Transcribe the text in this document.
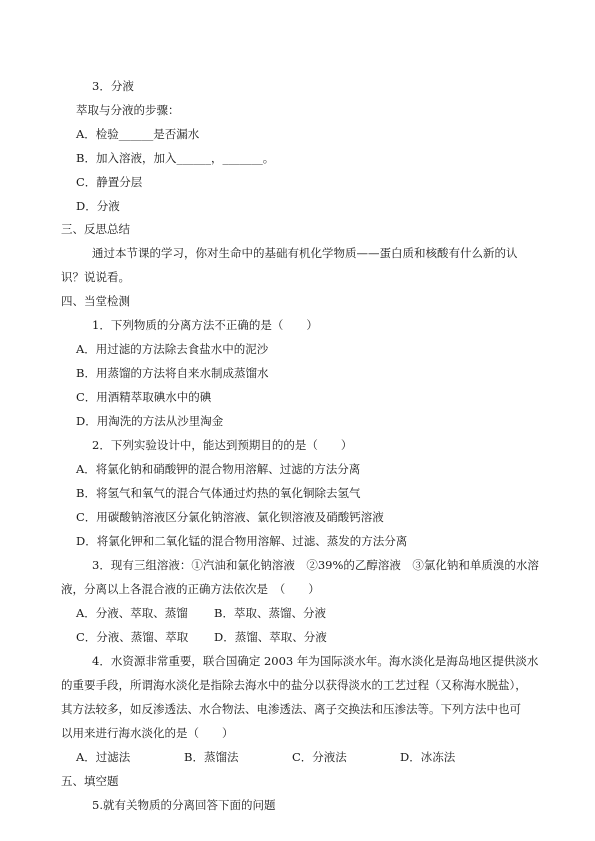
3．分液
萃取与分液的步骤：
A．检验______是否漏水
B．加入溶液，加入______，_______。
C．静置分层
D．分液
三、反思总结
通过本节课的学习，你对生命中的基础有机化学物质——蛋白质和核酸有什么新的认
识？说说看。
四、当堂检测
1．下列物质的分离方法不正确的是（　　）
A．用过滤的方法除去食盐水中的泥沙
B．用蒸馏的方法将自来水制成蒸馏水
C．用酒精萃取碘水中的碘
D．用淘洗的方法从沙里淘金
2．下列实验设计中，能达到预期目的的是（　　）
A．将氯化钠和硝酸钾的混合物用溶解、过滤的方法分离
B．将氢气和氧气的混合气体通过灼热的氧化铜除去氢气
C．用碳酸钠溶液区分氯化钠溶液、氯化钡溶液及硝酸钙溶液
D．将氯化钾和二氧化锰的混合物用溶解、过滤、蒸发的方法分离
3．现有三组溶液：①汽油和氯化钠溶液　②39%的乙醇溶液　③氯化钠和单质溴的水溶
液，分离以上各混合液的正确方法依次是　（　　）
A．分液、萃取、蒸馏	B．萃取、蒸馏、分液
C．分液、蒸馏、萃取	D．蒸馏、萃取、分液
4．水资源非常重要，联合国确定 2003 年为国际淡水年。海水淡化是海岛地区提供淡水
的重要手段，所谓海水淡化是指除去海水中的盐分以获得淡水的工艺过程（又称海水脱盐），
其方法较多，如反渗透法、水合物法、电渗透法、离子交换法和压渗法等。下列方法中也可
以用来进行海水淡化的是（　　）
A．过滤法	B．蒸馏法	C．分液法	D．冰冻法
五、填空题
5.就有关物质的分离回答下面的问题
